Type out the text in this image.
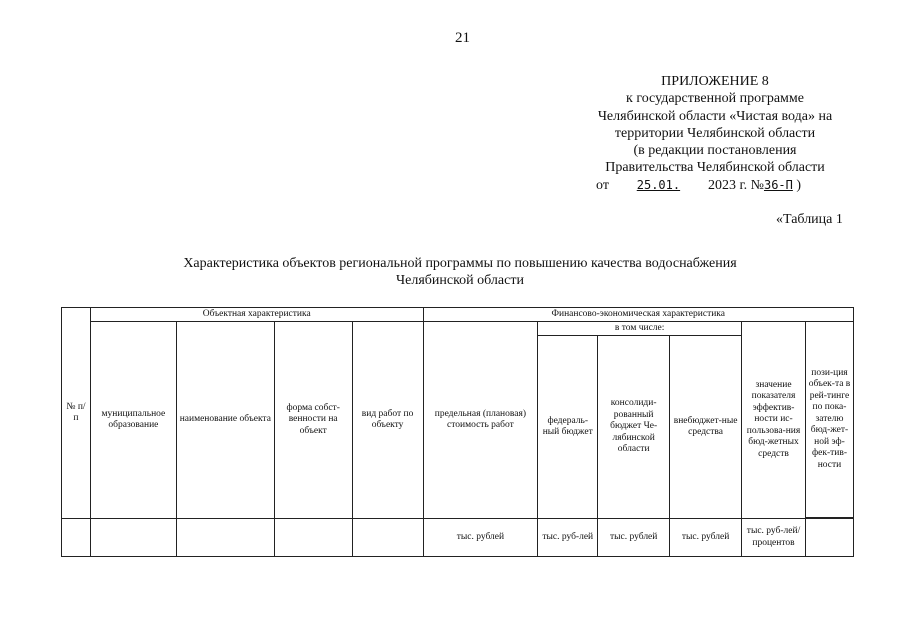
21
ПРИЛОЖЕНИЕ 8
к государственной программе
Челябинской области «Чистая вода» на
территории Челябинской области
(в редакции постановления
Правительства Челябинской области
от 25.01. 2023 г. №36-П )
«Таблица 1
Характеристика объектов региональной программы по повышению качества водоснабжения
Челябинской области
№ п/п	Объектная характеристика				Финансово-экономическая характеристика					
	муниципальное образование	наименование объекта	форма собст-венности на объект	вид работ по объекту	предельная (плановая) стоимость работ	в том числе:			значение показателя эффектив-ности ис-пользова-ния бюд-жетных средств	пози-ция объек-та в рей-тинге по пока-зателю бюд-жет-ной эф-фек-тив-ности
						федераль-ный бюджет	консолиди-рованный бюджет Че-лябинской области	внебюджет-ные средства		

					тыс. рублей	тыс. руб-лей	тыс. рублей	тыс. рублей	тыс. руб-лей/ процентов	
